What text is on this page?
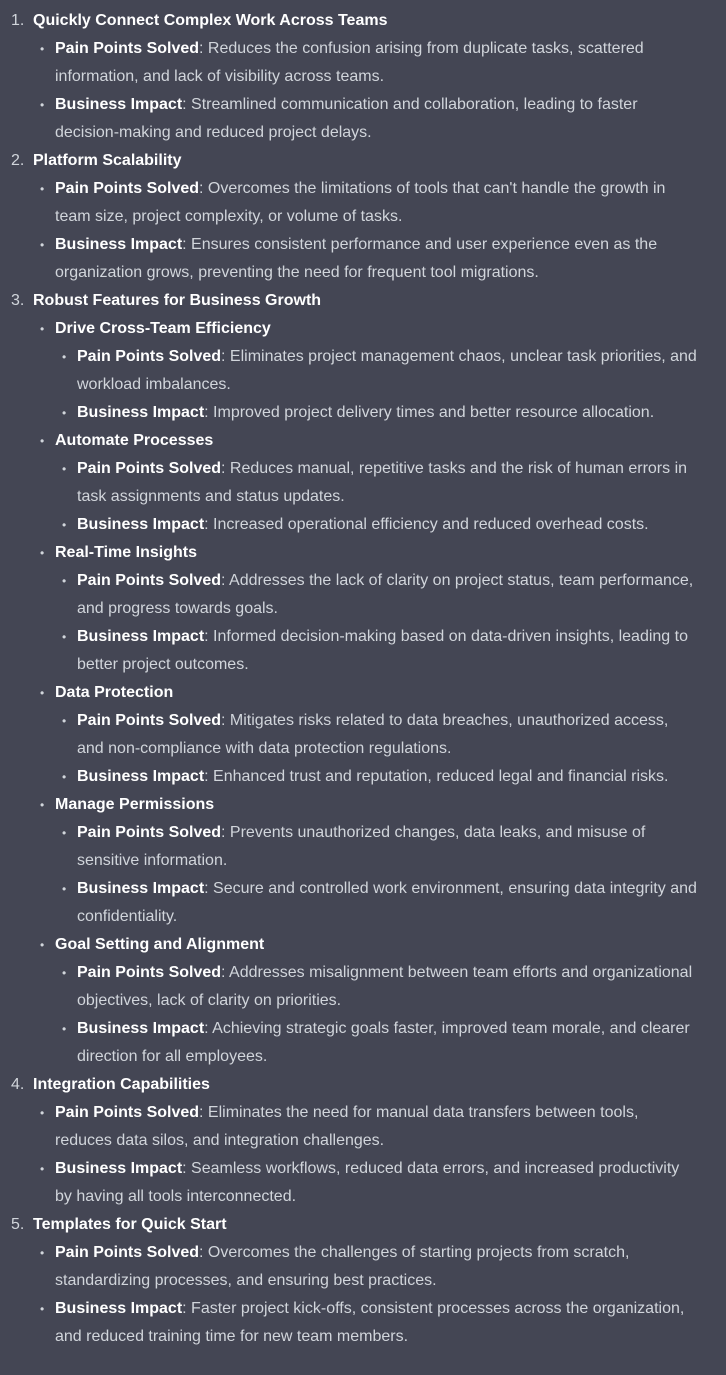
1. Quickly Connect Complex Work Across Teams
• Pain Points Solved: Reduces the confusion arising from duplicate tasks, scattered information, and lack of visibility across teams.
• Business Impact: Streamlined communication and collaboration, leading to faster decision-making and reduced project delays.
2. Platform Scalability
• Pain Points Solved: Overcomes the limitations of tools that can't handle the growth in team size, project complexity, or volume of tasks.
• Business Impact: Ensures consistent performance and user experience even as the organization grows, preventing the need for frequent tool migrations.
3. Robust Features for Business Growth
• Drive Cross-Team Efficiency
• Pain Points Solved: Eliminates project management chaos, unclear task priorities, and workload imbalances.
• Business Impact: Improved project delivery times and better resource allocation.
• Automate Processes
• Pain Points Solved: Reduces manual, repetitive tasks and the risk of human errors in task assignments and status updates.
• Business Impact: Increased operational efficiency and reduced overhead costs.
• Real-Time Insights
• Pain Points Solved: Addresses the lack of clarity on project status, team performance, and progress towards goals.
• Business Impact: Informed decision-making based on data-driven insights, leading to better project outcomes.
• Data Protection
• Pain Points Solved: Mitigates risks related to data breaches, unauthorized access, and non-compliance with data protection regulations.
• Business Impact: Enhanced trust and reputation, reduced legal and financial risks.
• Manage Permissions
• Pain Points Solved: Prevents unauthorized changes, data leaks, and misuse of sensitive information.
• Business Impact: Secure and controlled work environment, ensuring data integrity and confidentiality.
• Goal Setting and Alignment
• Pain Points Solved: Addresses misalignment between team efforts and organizational objectives, lack of clarity on priorities.
• Business Impact: Achieving strategic goals faster, improved team morale, and clearer direction for all employees.
4. Integration Capabilities
• Pain Points Solved: Eliminates the need for manual data transfers between tools, reduces data silos, and integration challenges.
• Business Impact: Seamless workflows, reduced data errors, and increased productivity by having all tools interconnected.
5. Templates for Quick Start
• Pain Points Solved: Overcomes the challenges of starting projects from scratch, standardizing processes, and ensuring best practices.
• Business Impact: Faster project kick-offs, consistent processes across the organization, and reduced training time for new team members.
